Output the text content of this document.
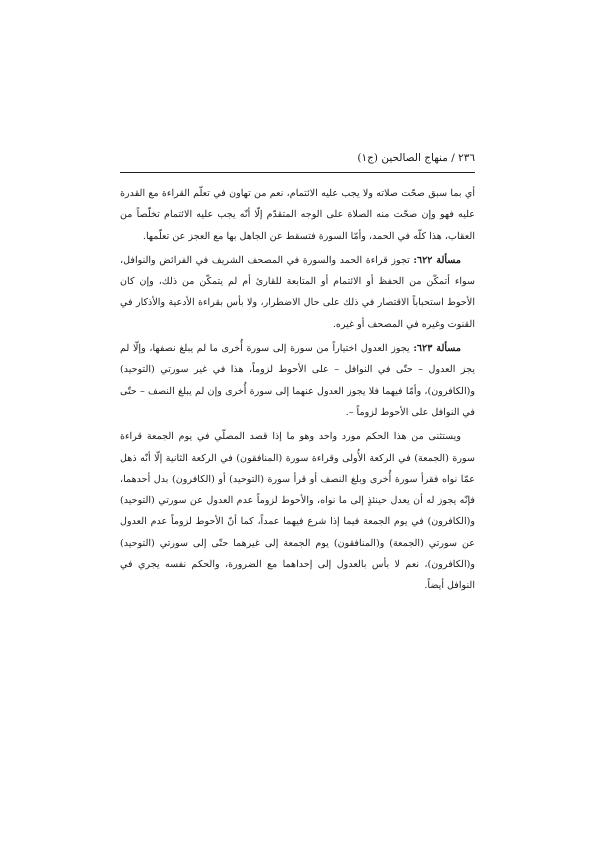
٢٣٦ / منهاج الصالحين (ج١)

أي بما سبق صحّت صلاته ولا يجب عليه الائتمام، نعم من تهاون في تعلّم القراءة مع القدرة عليه فهو وإن صحّت منه الصلاة على الوجه المتقدّم إلّا أنّه يجب عليه الائتمام تخلّصاً من العقاب، هذا كلّه في الحمد، وأمّا السورة فتسقط عن الجاهل بها مع العجز عن تعلّمها.

مسألة ٦٢٢: تجوز قراءة الحمد والسورة في المصحف الشريف في الفرائض والنوافل، سواء أتمكّن من الحفظ أو الائتمام أو المتابعة للقارئ أم لم يتمكّن من ذلك، وإن كان الأحوط استحباباً الاقتصار في ذلك على حال الاضطرار، ولا بأس بقراءة الأدعية والأذكار في القنوت وغيره في المصحف أو غيره.

مسألة ٦٢٣: يجوز العدول اختياراً من سورة إلى سورة أُخرى ما لم يبلغ نصفها، وإلّا لم يجز العدول – حتّى في النوافل – على الأحوط لزوماً، هذا في غير سورتي (التوحيد) و(الكافرون)، وأمّا فيهما فلا يجوز العدول عنهما إلى سورة أُخرى وإن لم يبلغ النصف – حتّى في النوافل على الأحوط لزوماً –.

ويستثنى من هذا الحكم مورد واحد وهو ما إذا قصد المصلّي في يوم الجمعة قراءة سورة (الجمعة) في الركعة الأُولى وقراءة سورة (المنافقون) في الركعة الثانية إلّا أنّه ذهل عمّا نواه فقرأ سورة أُخرى وبلغ النصف أو قرأ سورة (التوحيد) أو (الكافرون) بدل أحدهما، فإنّه يجوز له أن يعدل حينئذٍ إلى ما نواه، والأحوط لزوماً عدم العدول عن سورتي (التوحيد) و(الكافرون) في يوم الجمعة فيما إذا شرع فيهما عمداً، كما أنّ الأحوط لزوماً عدم العدول عن سورتي (الجمعة) و(المنافقون) يوم الجمعة إلى غيرهما حتّى إلى سورتي (التوحيد) و(الكافرون)، نعم لا بأس بالعدول إلى إحداهما مع الضرورة، والحكم نفسه يجري في النوافل أيضاً.
